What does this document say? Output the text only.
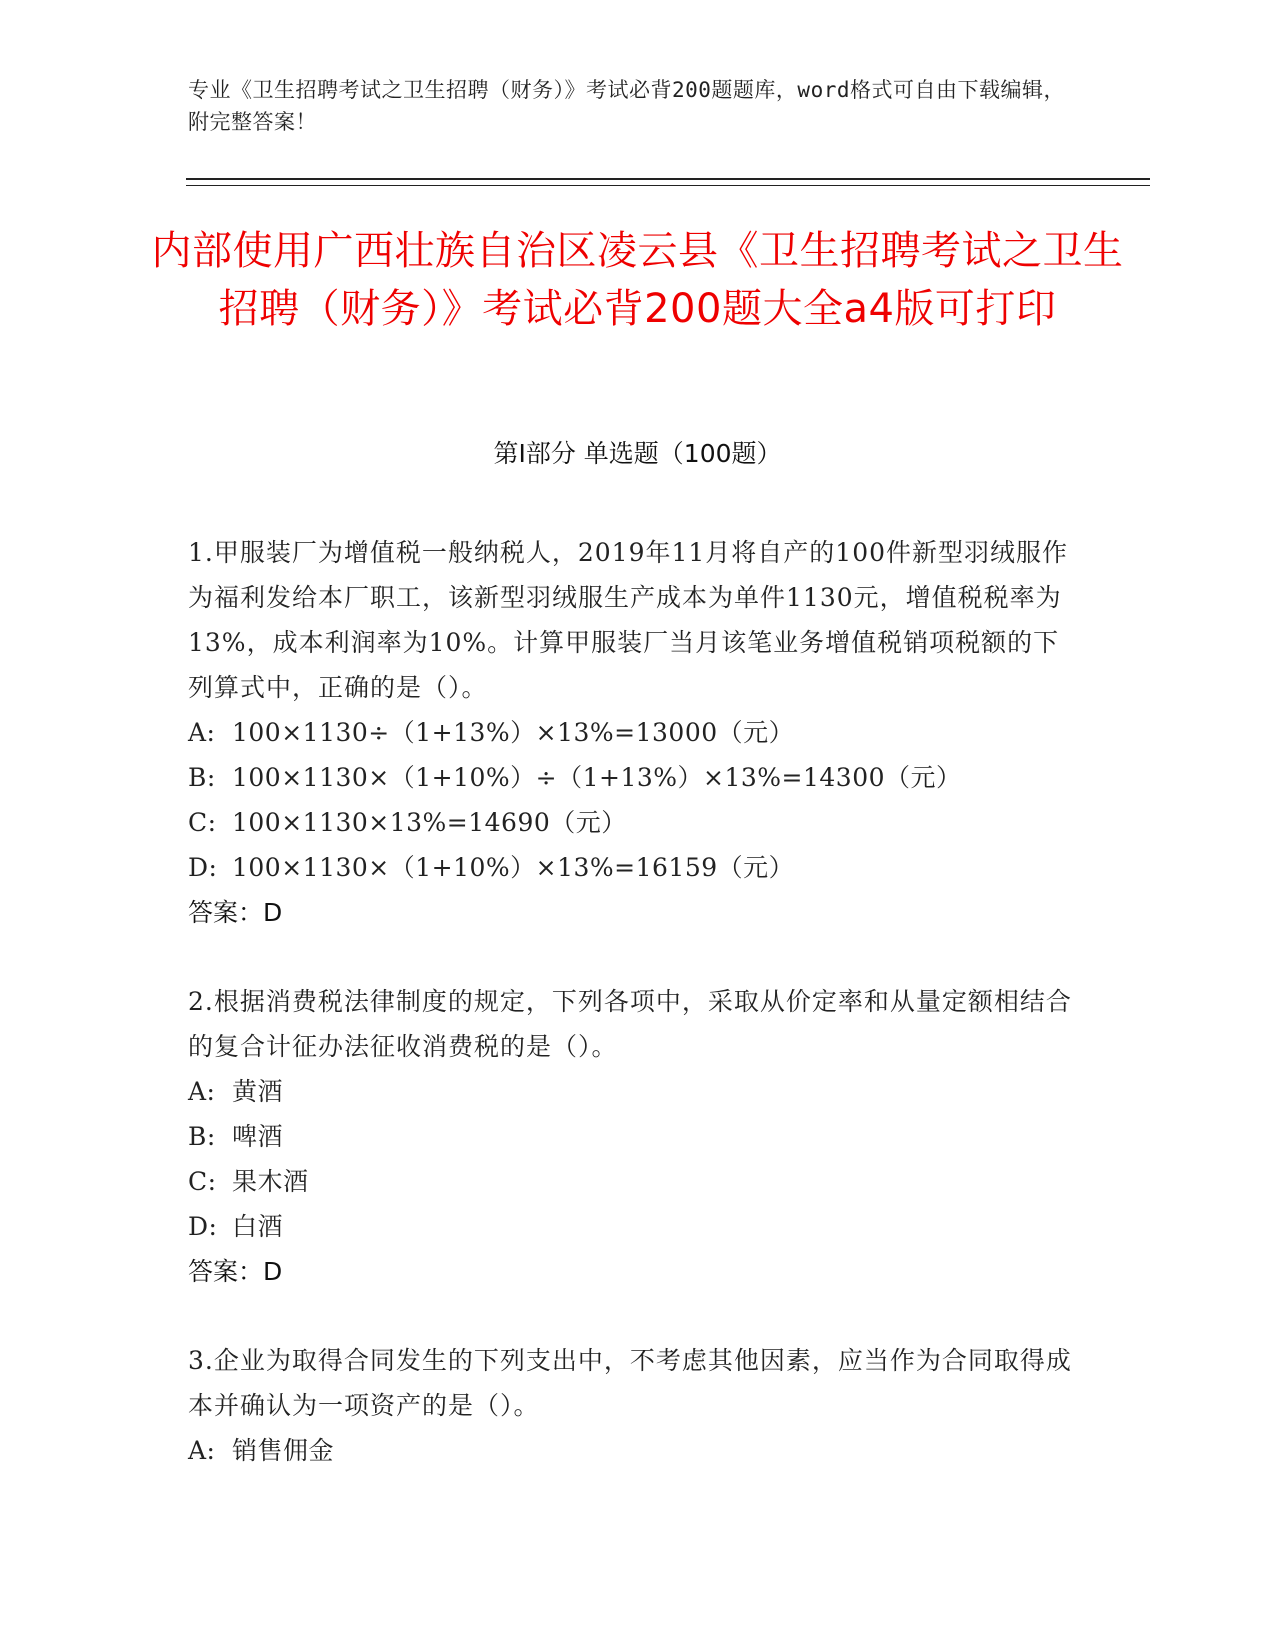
专业《卫生招聘考试之卫生招聘（财务）》考试必背200题题库，word格式可自由下载编辑，附完整答案！
内部使用广西壮族自治区凌云县《卫生招聘考试之卫生招聘（财务）》考试必背200题大全a4版可打印
第Ⅰ部分 单选题（100题）
1.甲服装厂为增值税一般纳税人，2019年11月将自产的100件新型羽绒服作为福利发给本厂职工，该新型羽绒服生产成本为单件1130元，增值税税率为13%，成本利润率为10%。计算甲服装厂当月该笔业务增值税销项税额的下列算式中，正确的是（）。
A: 100×1130÷（1+13%）×13%=13000（元）
B: 100×1130×（1+10%）÷（1+13%）×13%=14300（元）
C: 100×1130×13%=14690（元）
D: 100×1130×（1+10%）×13%=16159（元）
答案：D
2.根据消费税法律制度的规定，下列各项中，采取从价定率和从量定额相结合的复合计征办法征收消费税的是（）。
A: 黄酒
B: 啤酒
C: 果木酒
D: 白酒
答案：D
3.企业为取得合同发生的下列支出中，不考虑其他因素，应当作为合同取得成本并确认为一项资产的是（）。
A: 销售佣金
